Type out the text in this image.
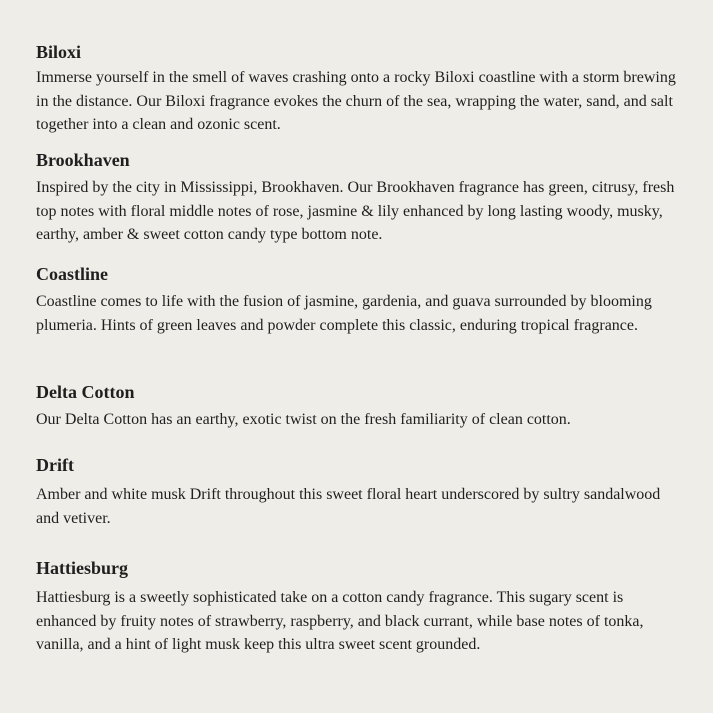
Biloxi

Immerse yourself in the smell of waves crashing onto a rocky Biloxi coastline with a storm brewing in the distance. Our Biloxi fragrance evokes the churn of the sea, wrapping the water, sand, and salt together into a clean and ozonic scent.

Brookhaven

Inspired by the city in Mississippi, Brookhaven. Our Brookhaven fragrance has green, citrusy, fresh top notes with floral middle notes of rose, jasmine & lily enhanced by long lasting woody, musky, earthy, amber & sweet cotton candy type bottom note.

Coastline

Coastline comes to life with the fusion of jasmine, gardenia, and guava surrounded by blooming plumeria. Hints of green leaves and powder complete this classic, enduring tropical fragrance.

Delta Cotton

Our Delta Cotton has an earthy, exotic twist on the fresh familiarity of clean cotton.

Drift

Amber and white musk Drift throughout this sweet floral heart underscored by sultry sandalwood and vetiver.

Hattiesburg

Hattiesburg is a sweetly sophisticated take on a cotton candy fragrance. This sugary scent is enhanced by fruity notes of strawberry, raspberry, and black currant, while base notes of tonka, vanilla, and a hint of light musk keep this ultra sweet scent grounded.
